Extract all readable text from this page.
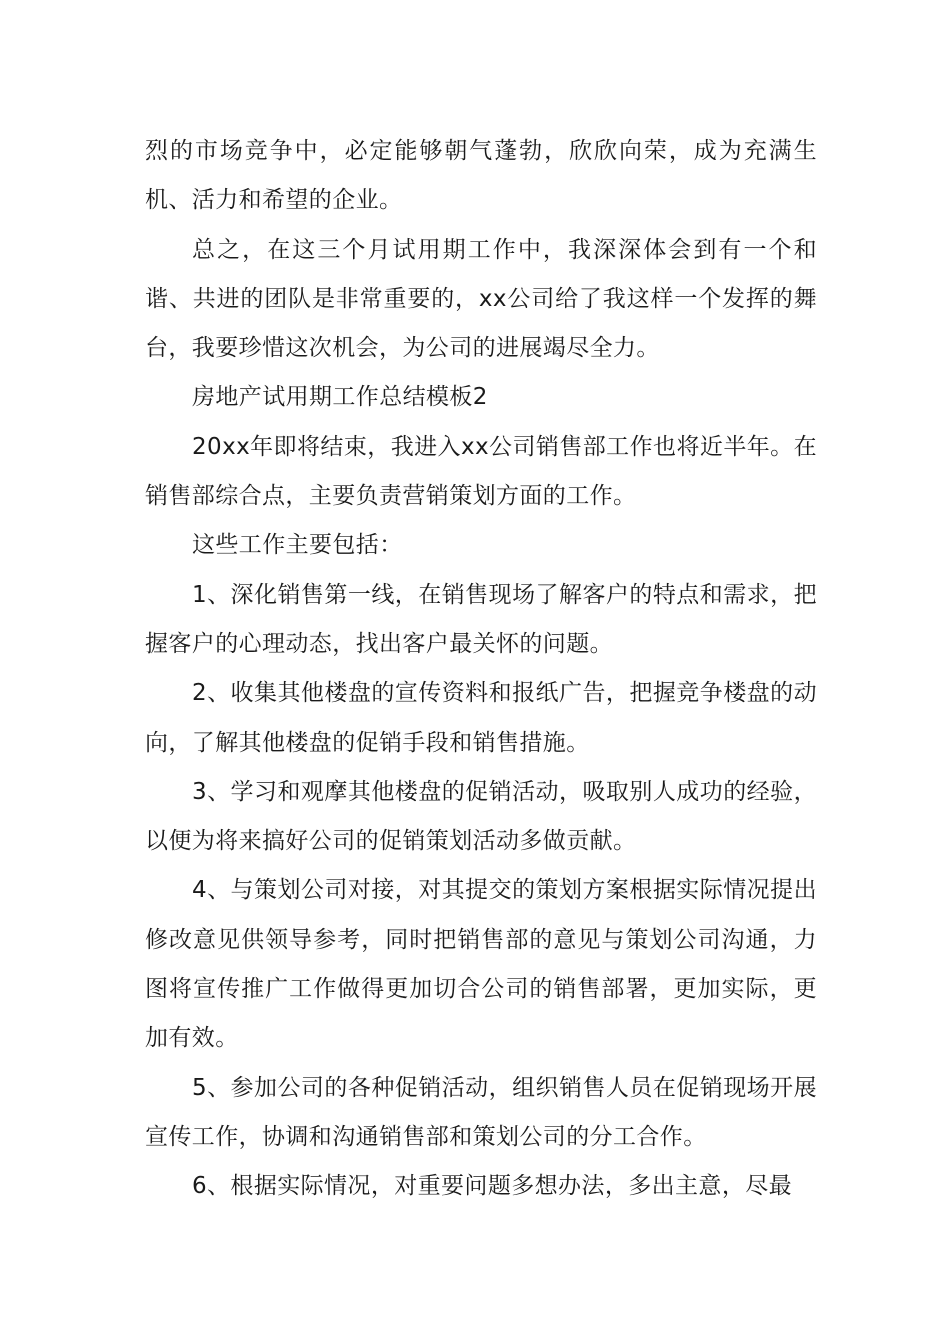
烈的市场竞争中，必定能够朝气蓬勃，欣欣向荣，成为充满生机、活力和希望的企业。

总之，在这三个月试用期工作中，我深深体会到有一个和谐、共进的团队是非常重要的，xx公司给了我这样一个发挥的舞台，我要珍惜这次机会，为公司的进展竭尽全力。

房地产试用期工作总结模板2

20xx年即将结束，我进入xx公司销售部工作也将近半年。在销售部综合点，主要负责营销策划方面的工作。

这些工作主要包括：

1、深化销售第一线，在销售现场了解客户的特点和需求，把握客户的心理动态，找出客户最关怀的问题。

2、收集其他楼盘的宣传资料和报纸广告，把握竞争楼盘的动向，了解其他楼盘的促销手段和销售措施。

3、学习和观摩其他楼盘的促销活动，吸取别人成功的经验，以便为将来搞好公司的促销策划活动多做贡献。

4、与策划公司对接，对其提交的策划方案根据实际情况提出修改意见供领导参考，同时把销售部的意见与策划公司沟通，力图将宣传推广工作做得更加切合公司的销售部署，更加实际，更加有效。

5、参加公司的各种促销活动，组织销售人员在促销现场开展宣传工作，协调和沟通销售部和策划公司的分工合作。

6、根据实际情况，对重要问题多想办法，多出主意，尽最
